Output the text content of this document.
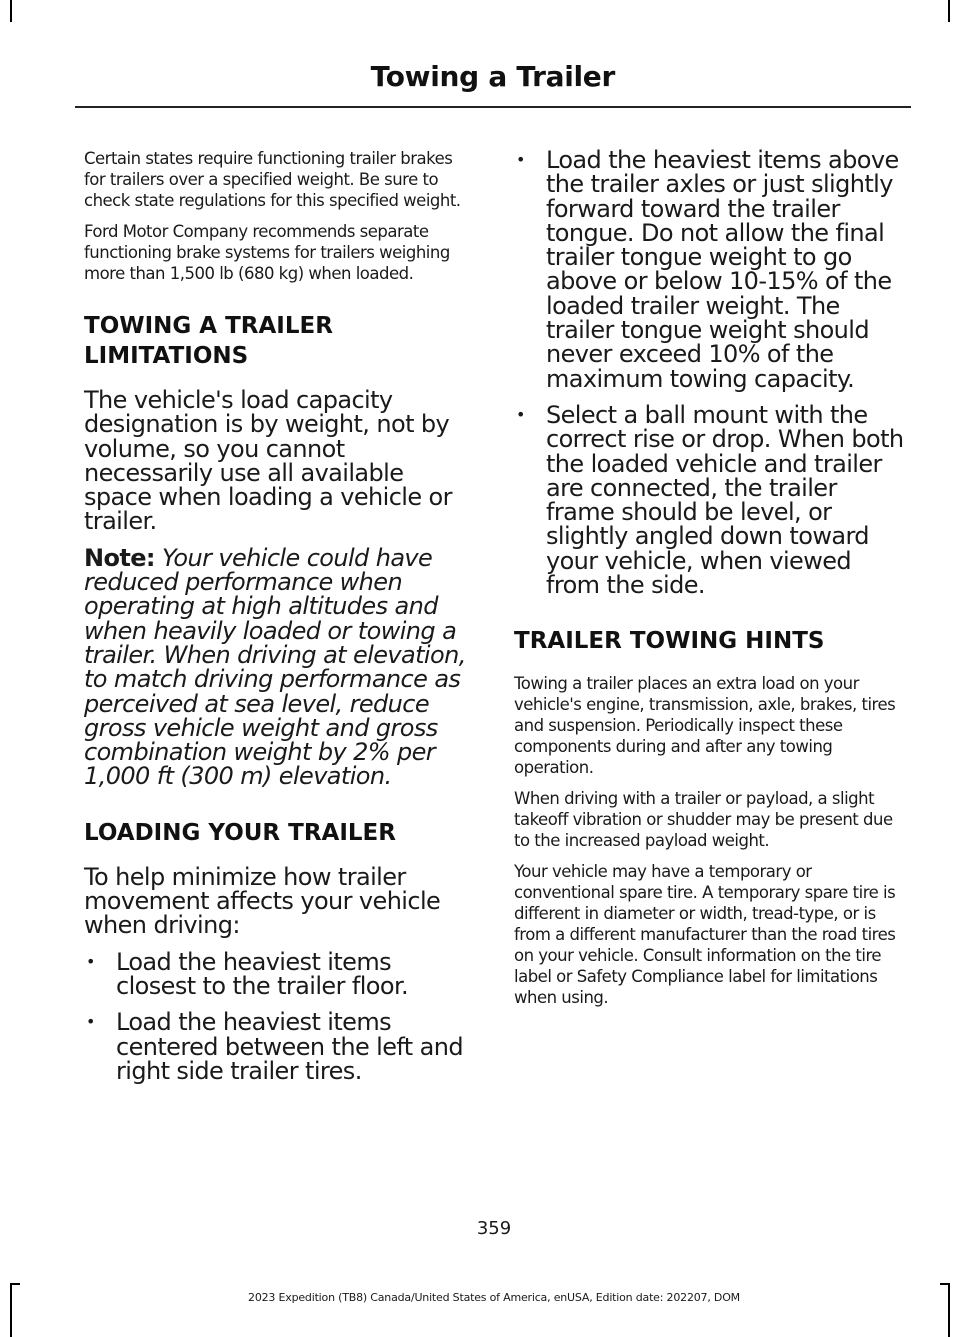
Towing a Trailer

Certain states require functioning trailer brakes for trailers over a specified weight. Be sure to check state regulations for this specified weight.

Ford Motor Company recommends separate functioning brake systems for trailers weighing more than 1,500 lb (680 kg) when loaded.

TOWING A TRAILER
LIMITATIONS

The vehicle's load capacity designation is by weight, not by volume, so you cannot necessarily use all available space when loading a vehicle or trailer.

Note: Your vehicle could have reduced performance when operating at high altitudes and when heavily loaded or towing a trailer. When driving at elevation, to match driving performance as perceived at sea level, reduce gross vehicle weight and gross combination weight by 2% per 1,000 ft (300 m) elevation.

LOADING YOUR TRAILER

To help minimize how trailer movement affects your vehicle when driving:

• Load the heaviest items closest to the trailer floor.
• Load the heaviest items centered between the left and right side trailer tires.
• Load the heaviest items above the trailer axles or just slightly forward toward the trailer tongue. Do not allow the final trailer tongue weight to go above or below 10-15% of the loaded trailer weight. The trailer tongue weight should never exceed 10% of the maximum towing capacity.
• Select a ball mount with the correct rise or drop. When both the loaded vehicle and trailer are connected, the trailer frame should be level, or slightly angled down toward your vehicle, when viewed from the side.
TRAILER TOWING HINTS

Towing a trailer places an extra load on your vehicle's engine, transmission, axle, brakes, tires and suspension. Periodically inspect these components during and after any towing operation.

When driving with a trailer or payload, a slight takeoff vibration or shudder may be present due to the increased payload weight.

Your vehicle may have a temporary or conventional spare tire. A temporary spare tire is different in diameter or width, tread-type, or is from a different manufacturer than the road tires on your vehicle. Consult information on the tire label or Safety Compliance label for limitations when using.

359
2023 Expedition (TB8) Canada/United States of America, enUSA, Edition date: 202207, DOM
